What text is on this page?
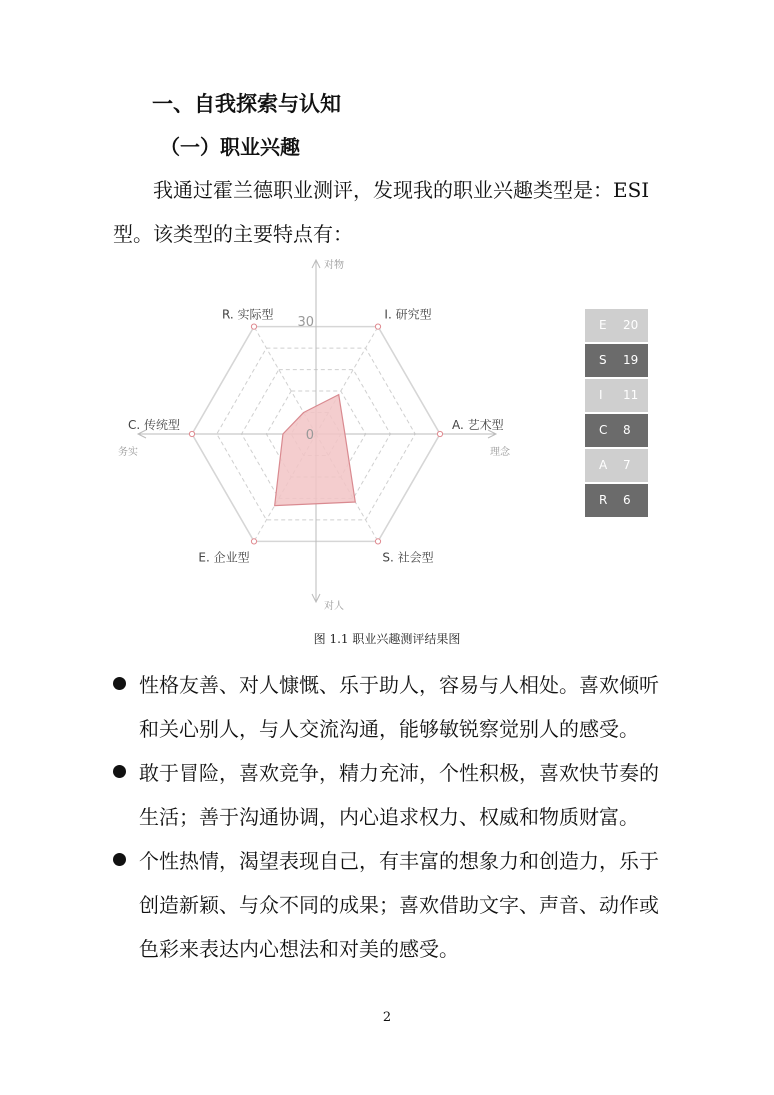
一、自我探索与认知
（一）职业兴趣
我通过霍兰德职业测评，发现我的职业兴趣类型是：ESI型。该类型的主要特点有：
30
0
对物
对人
务实	理念
R. 实际型	I. 研究型
A. 艺术型
S. 社会型
E. 企业型
C. 传统型
E 20
S 19
I 11
C 8
A 7
R 6
图 1.1 职业兴趣测评结果图
性格友善、对人慷慨、乐于助人，容易与人相处。喜欢倾听和关心别人，与人交流沟通，能够敏锐察觉别人的感受。
敢于冒险，喜欢竞争，精力充沛，个性积极，喜欢快节奏的生活；善于沟通协调，内心追求权力、权威和物质财富。
个性热情，渴望表现自己，有丰富的想象力和创造力，乐于创造新颖、与众不同的成果；喜欢借助文字、声音、动作或色彩来表达内心想法和对美的感受。
2
